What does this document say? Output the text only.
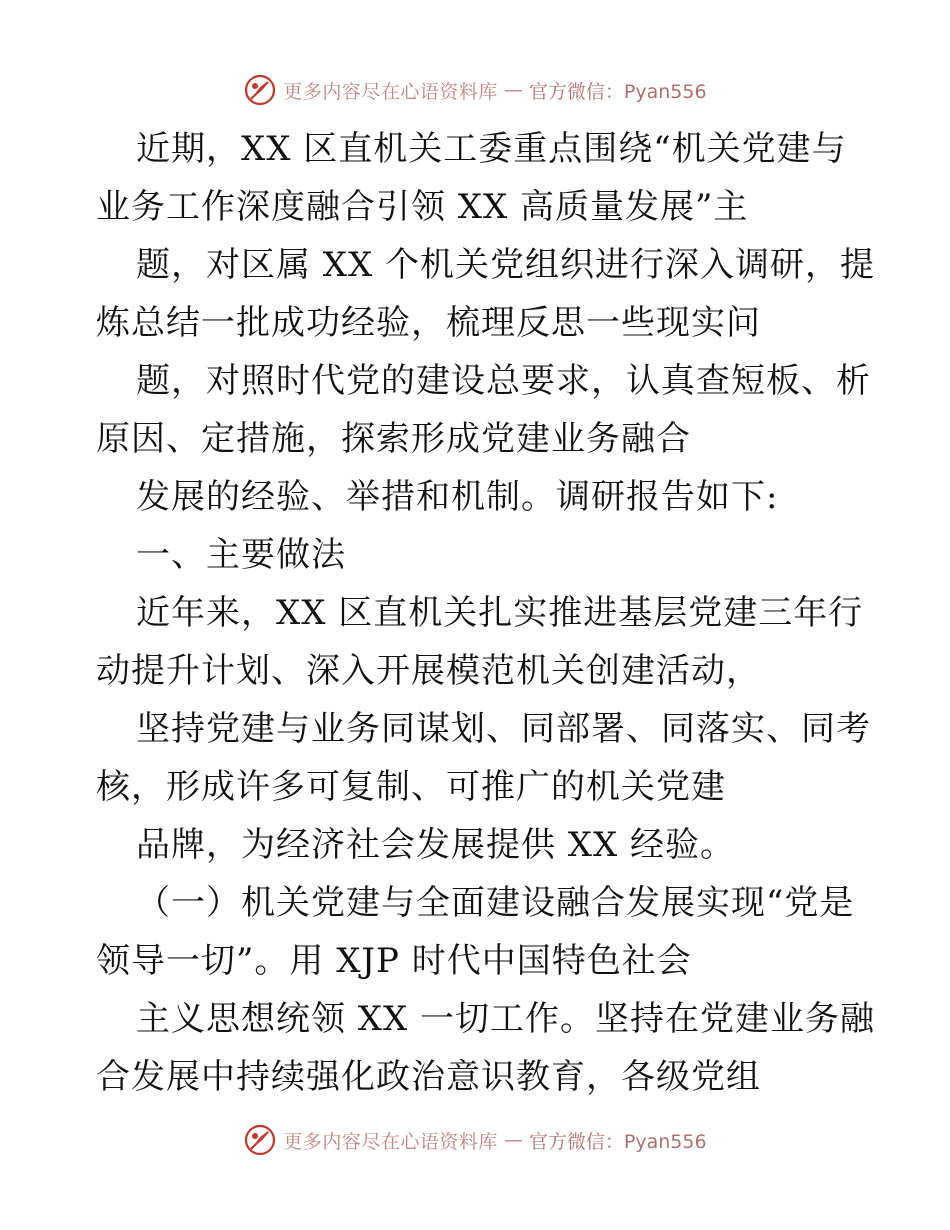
更多内容尽在心语资料库 — 官方微信：Pyan556
近期，XX 区直机关工委重点围绕“机关党建与
业务工作深度融合引领 XX 高质量发展”主
题，对区属 XX 个机关党组织进行深入调研，提
炼总结一批成功经验，梳理反思一些现实问
题，对照时代党的建设总要求，认真查短板、析
原因、定措施，探索形成党建业务融合
发展的经验、举措和机制。调研报告如下:
一、主要做法
近年来，XX 区直机关扎实推进基层党建三年行
动提升计划、深入开展模范机关创建活动，
坚持党建与业务同谋划、同部署、同落实、同考
核，形成许多可复制、可推广的机关党建
品牌，为经济社会发展提供 XX 经验。
（一）机关党建与全面建设融合发展实现“党是
领导一切”。用 XJP 时代中国特色社会
主义思想统领 XX 一切工作。坚持在党建业务融
合发展中持续强化政治意识教育，各级党组
更多内容尽在心语资料库 — 官方微信：Pyan556
